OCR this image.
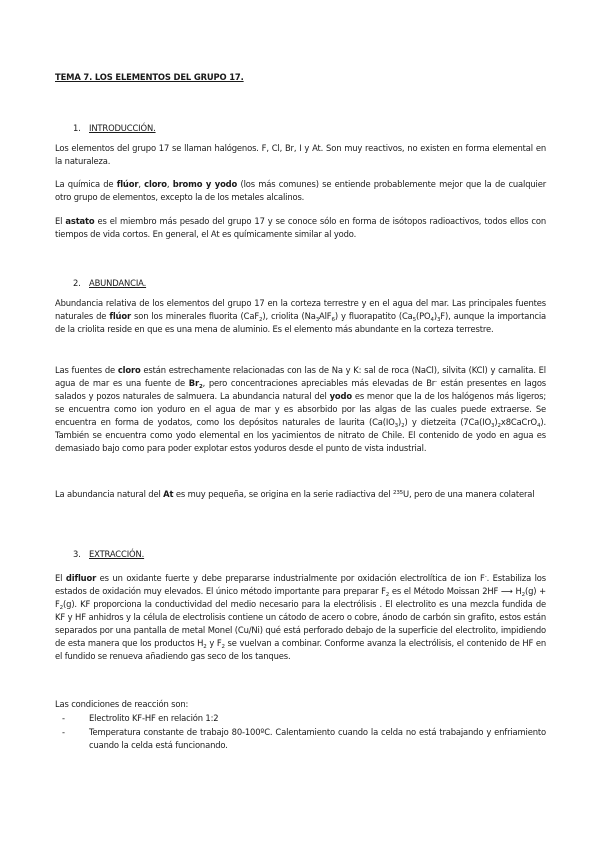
TEMA 7. LOS ELEMENTOS DEL GRUPO 17.
1. INTRODUCCIÓN.

Los elementos del grupo 17 se llaman halógenos. F, Cl, Br, I y At. Son muy reactivos, no existen en forma elemental en la naturaleza.

La química de flúor, cloro, bromo y yodo (los más comunes) se entiende probablemente mejor que la de cualquier otro grupo de elementos, excepto la de los metales alcalinos.

El astato es el miembro más pesado del grupo 17 y se conoce sólo en forma de isótopos radioactivos, todos ellos con tiempos de vida cortos. En general, el At es químicamente similar al yodo.

2. ABUNDANCIA.

Abundancia relativa de los elementos del grupo 17 en la corteza terrestre y en el agua del mar. Las principales fuentes naturales de flúor son los minerales fluorita (CaF$_2$), criolita $(Na_3AlF_6)$ y fluorapatito $(Ca_5(PO_4)_3F)$, aunque la importancia de la criolita reside en que es una mena de aluminio. Es el elemento más abundante en la corteza terrestre.

Las fuentes de cloro están estrechamente relacionadas con las de Na y K: sal de roca (NaCl), silvita (KCl) y carnalita. El agua de mar es una fuente de $Br_2$, pero concentraciones apreciables más elevadas de Br- están presentes en lagos salados y pozos naturales de salmuera. La abundancia natural del yodo es menor que la de los halógenos más ligeros; se encuentra como ion yoduro en el agua de mar y es absorbido por las algas de las cuales puede extraerse. Se encuentra en forma de yodatos, como los depósitos naturales de laurita $(Ca(IO_3)_2)$ y dietzeita $(7Ca(IO_3)_2x8CaCrO_4)$. También se encuentra como yodo elemental en los yacimientos de nitrato de Chile. El contenido de yodo en agua es demasiado bajo como para poder explotar estos yoduros desde el punto de vista industrial.

La abundancia natural del At es muy pequeña, se origina en la serie radiactiva del $^{235}$U, pero de una manera colateral

3. EXTRACCIÓN.

El difluor es un oxidante fuerte y debe prepararse industrialmente por oxidación electrolítica de ion F-. Estabiliza los estados de oxidación muy elevados. El único método importante para preparar $F_2$ es el Método Moissan 2HF ⟶ $H_2(g) + F_2(g)$. KF proporciona la conductividad del medio necesario para la electrólisis . El electrolito es una mezcla fundida de KF y HF anhidros y la célula de electrolisis contiene un cátodo de acero o cobre, ánodo de carbón sin grafito, estos están separados por una pantalla de metal Monel (Cu/Ni) qué está perforado debajo de la superficie del electrolito, impidiendo de esta manera que los productos $H_2$ y $F_2$ se vuelvan a combinar. Conforme avanza la electrólisis, el contenido de HF en el fundido se renueva añadiendo gas seco de los tanques.

Las condiciones de reacción son:

-	Electrolito KF-HF en relación 1:2
-	Temperatura constante de trabajo 80-100ºC. Calentamiento cuando la celda no está trabajando y enfriamiento cuando la celda está funcionando.
